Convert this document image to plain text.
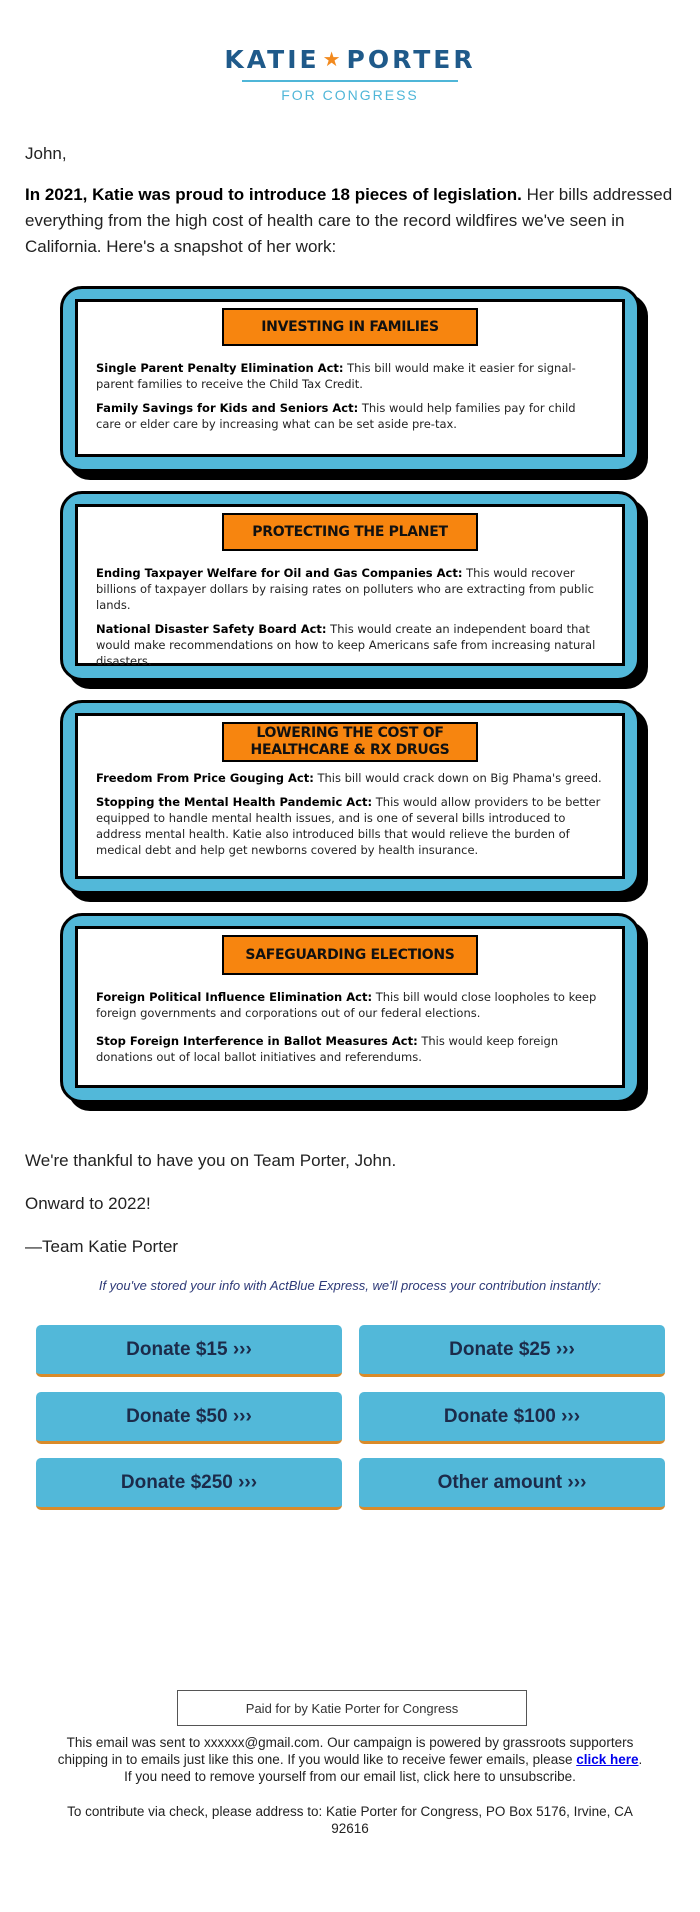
KATIE ★ PORTER
FOR CONGRESS
John,
In 2021, Katie was proud to introduce 18 pieces of legislation. Her bills addressed everything from the high cost of health care to the record wildfires we've seen in California. Here's a snapshot of her work:
INVESTING IN FAMILIES
Single Parent Penalty Elimination Act: This bill would make it easier for signal-parent families to receive the Child Tax Credit.
Family Savings for Kids and Seniors Act: This would help families pay for child care or elder care by increasing what can be set aside pre-tax.
PROTECTING THE PLANET
Ending Taxpayer Welfare for Oil and Gas Companies Act: This would recover billions of taxpayer dollars by raising rates on polluters who are extracting from public lands.
National Disaster Safety Board Act: This would create an independent board that would make recommendations on how to keep Americans safe from increasing natural disasters.
LOWERING THE COST OF
HEALTHCARE & RX DRUGS
Freedom From Price Gouging Act: This bill would crack down on Big Phama's greed.
Stopping the Mental Health Pandemic Act: This would allow providers to be better equipped to handle mental health issues, and is one of several bills introduced to address mental health. Katie also introduced bills that would relieve the burden of medical debt and help get newborns covered by health insurance.
SAFEGUARDING ELECTIONS
Foreign Political Influence Elimination Act: This bill would close loopholes to keep foreign governments and corporations out of our federal elections.
Stop Foreign Interference in Ballot Measures Act: This would keep foreign donations out of local ballot initiatives and referendums.
We're thankful to have you on Team Porter, John.
Onward to 2022!
—Team Katie Porter
If you've stored your info with ActBlue Express, we'll process your contribution instantly:
Donate $15 ›››	Donate $25 ›››
Donate $50 ›››	Donate $100 ›››
Donate $250 ›››	Other amount ›››
Paid for by Katie Porter for Congress
This email was sent to xxxxxx@gmail.com. Our campaign is powered by grassroots supporters chipping in to emails just like this one. If you would like to receive fewer emails, please click here. If you need to remove yourself from our email list, click here to unsubscribe.
To contribute via check, please address to: Katie Porter for Congress, PO Box 5176, Irvine, CA 92616
